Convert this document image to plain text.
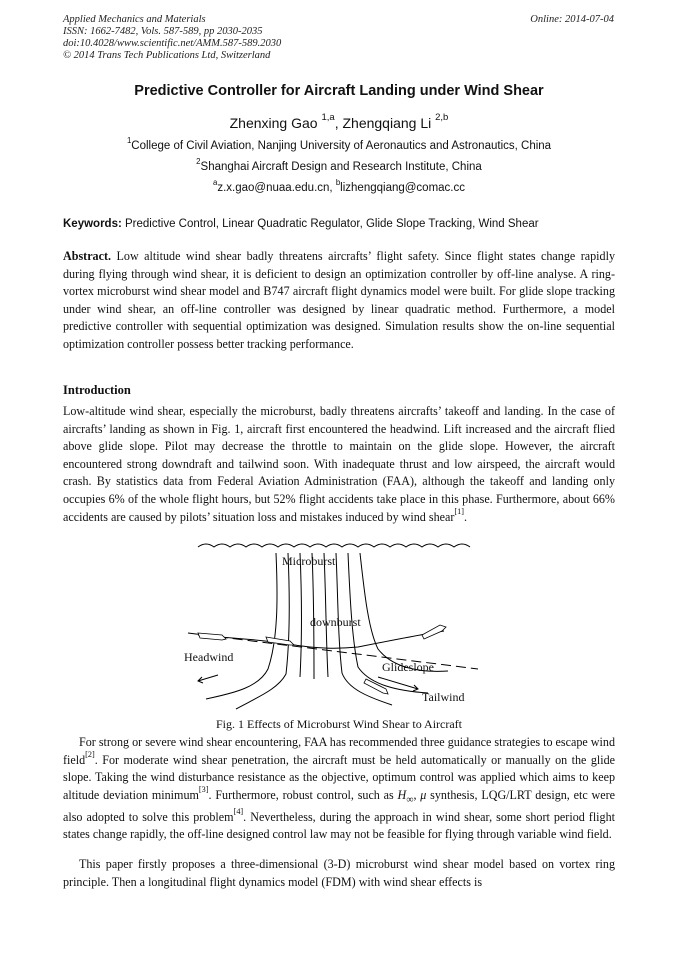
Applied Mechanics and Materials
ISSN: 1662-7482, Vols. 587-589, pp 2030-2035
doi:10.4028/www.scientific.net/AMM.587-589.2030
© 2014 Trans Tech Publications Ltd, Switzerland
Online: 2014-07-04
Predictive Controller for Aircraft Landing under Wind Shear
Zhenxing Gao $^{1,a}$, Zhengqiang Li $^{2,b}$
$^1$College of Civil Aviation, Nanjing University of Aeronautics and Astronautics, China
$^2$Shanghai Aircraft Design and Research Institute, China
$^a$z.x.gao@nuaa.edu.cn, $^b$lizhengqiang@comac.cc
Keywords: Predictive Control, Linear Quadratic Regulator, Glide Slope Tracking, Wind Shear
Abstract. Low altitude wind shear badly threatens aircrafts’ flight safety. Since flight states change rapidly during flying through wind shear, it is deficient to design an optimization controller by off-line analyse. A ring-vortex microburst wind shear model and B747 aircraft flight dynamics model were built. For glide slope tracking under wind shear, an off-line controller was designed by linear quadratic method. Furthermore, a model predictive controller with sequential optimization was designed. Simulation results show the on-line sequential optimization controller possess better tracking performance.
Introduction
Low-altitude wind shear, especially the microburst, badly threatens aircrafts’ takeoff and landing. In the case of aircrafts’ landing as shown in Fig. 1, aircraft first encountered the headwind. Lift increased and the aircraft flied above glide slope. Pilot may decrease the throttle to maintain on the glide slope. However, the aircraft encountered strong downdraft and tailwind soon. With inadequate thrust and low airspeed, the aircraft would crash. By statistics data from Federal Aviation Administration (FAA), although the takeoff and landing only occupies 6% of the whole flight hours, but 52% flight accidents take place in this phase. Furthermore, about 66% accidents are caused by pilots’ situation loss and mistakes induced by wind shear[1].
Microburst
downburst
Headwind
Glideslope
Tailwind
Fig. 1 Effects of Microburst Wind Shear to Aircraft
For strong or severe wind shear encountering, FAA has recommended three guidance strategies to escape wind field[2]. For moderate wind shear penetration, the aircraft must be held automatically or manually on the glide slope. Taking the wind disturbance resistance as the objective, optimum control was applied which aims to keep altitude deviation minimum[3]. Furthermore, robust control, such as $H_\infty$, μ synthesis, LQG/LRT design, etc were also adopted to solve this problem[4]. Nevertheless, during the approach in wind shear, some short period flight states change rapidly, the off-line designed control law may not be feasible for flying through variable wind field.
This paper firstly proposes a three-dimensional (3-D) microburst wind shear model based on vortex ring principle. Then a longitudinal flight dynamics model (FDM) with wind shear effects is
